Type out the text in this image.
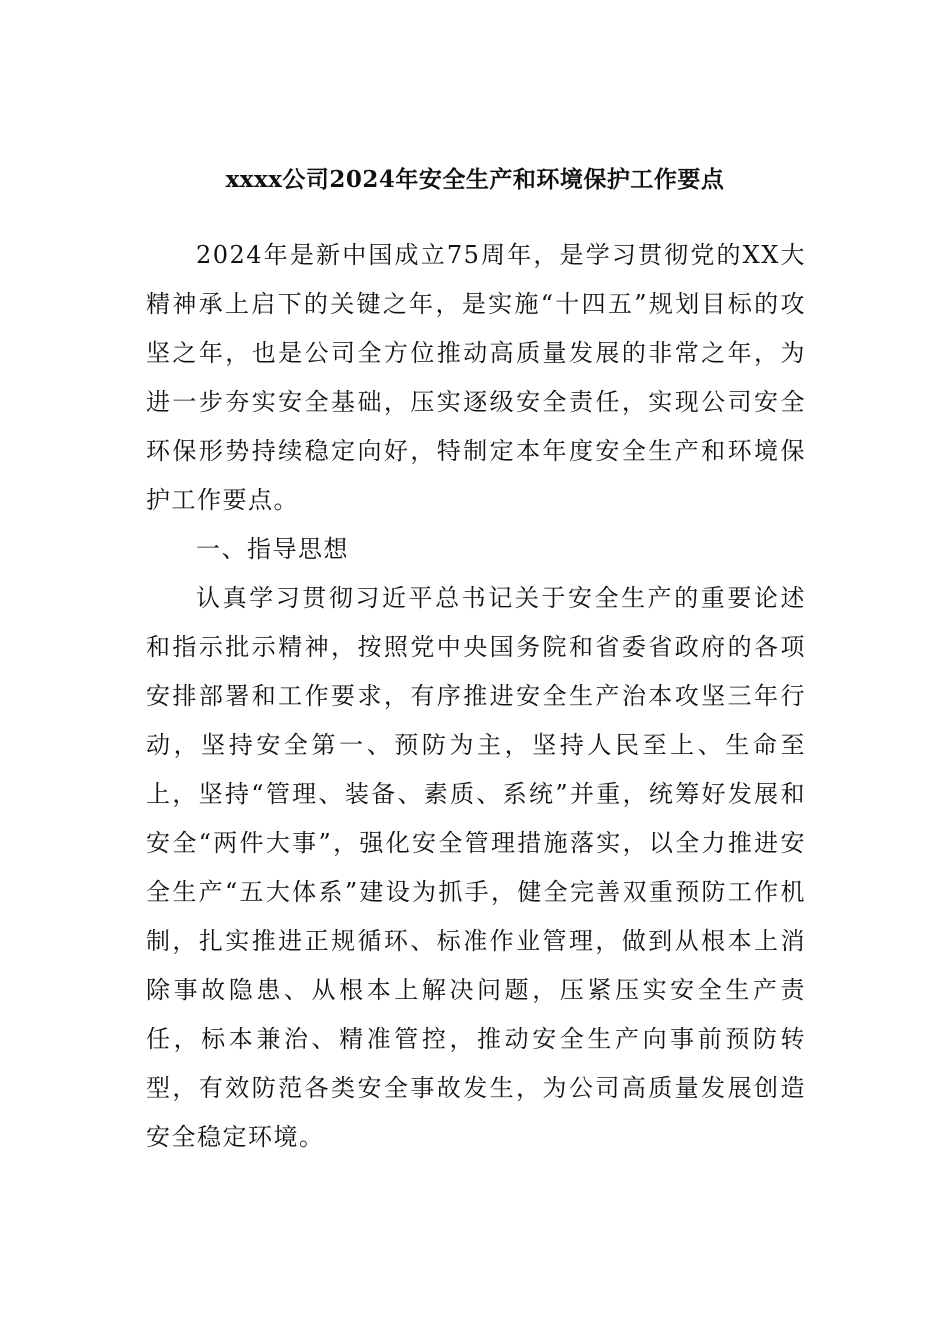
xxxx公司2024年安全生产和环境保护工作要点

2024年是新中国成立75周年，是学习贯彻党的XX大精神承上启下的关键之年，是实施“十四五”规划目标的攻坚之年，也是公司全方位推动高质量发展的非常之年，为进一步夯实安全基础，压实逐级安全责任，实现公司安全环保形势持续稳定向好，特制定本年度安全生产和环境保护工作要点。

一、指导思想

认真学习贯彻习近平总书记关于安全生产的重要论述和指示批示精神，按照党中央国务院和省委省政府的各项安排部署和工作要求，有序推进安全生产治本攻坚三年行动，坚持安全第一、预防为主，坚持人民至上、生命至上，坚持“管理、装备、素质、系统”并重，统筹好发展和安全“两件大事”，强化安全管理措施落实，以全力推进安全生产“五大体系”建设为抓手，健全完善双重预防工作机制，扎实推进正规循环、标准作业管理，做到从根本上消除事故隐患、从根本上解决问题，压紧压实安全生产责任，标本兼治、精准管控，推动安全生产向事前预防转型，有效防范各类安全事故发生，为公司高质量发展创造安全稳定环境。
